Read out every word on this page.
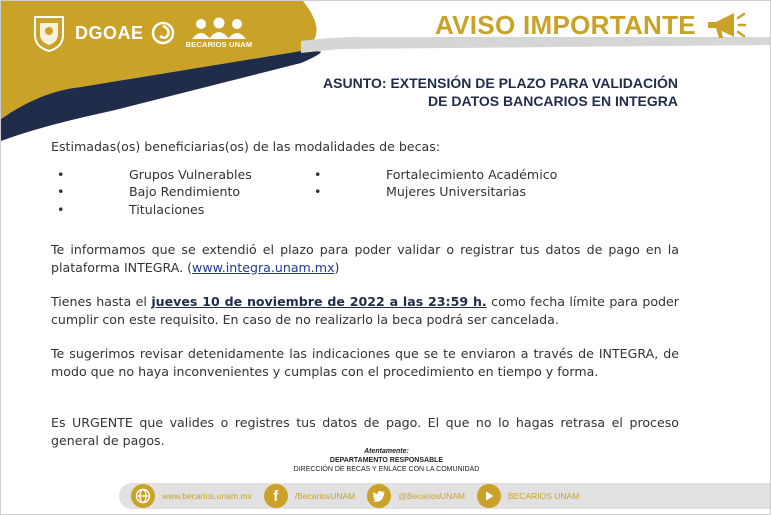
DGOAE
BECARIOS UNAM
AVISO IMPORTANTE
ASUNTO: EXTENSIÓN DE PLAZO PARA VALIDACIÓN
DE DATOS BANCARIOS EN INTEGRA
Estimadas(os) beneficiarias(os) de las modalidades de becas:
•	Grupos Vulnerables
•	Bajo Rendimiento
•	Titulaciones
•	Fortalecimiento Académico
•	Mujeres Universitarias
Te informamos que se extendió el plazo para poder validar o registrar tus datos de pago en la plataforma INTEGRA. (www.integra.unam.mx)
Tienes hasta el jueves 10 de noviembre de 2022 a las 23:59 h. como fecha límite para poder cumplir con este requisito. En caso de no realizarlo la beca podrá ser cancelada.
Te sugerimos revisar detenidamente las indicaciones que se te enviaron a través de INTEGRA, de modo que no haya inconvenientes y cumplas con el procedimiento en tiempo y forma.
Es URGENTE que valides o registres tus datos de pago. El que no lo hagas retrasa el proceso general de pagos.
Atentamente:
DEPARTAMENTO RESPONSABLE
DIRECCIÓN DE BECAS Y ENLACE CON LA COMUNIDAD
www.becarios.unam.mx	f	/BecariosUNAM	@BecariosUNAM	BECARIOS UNAM
